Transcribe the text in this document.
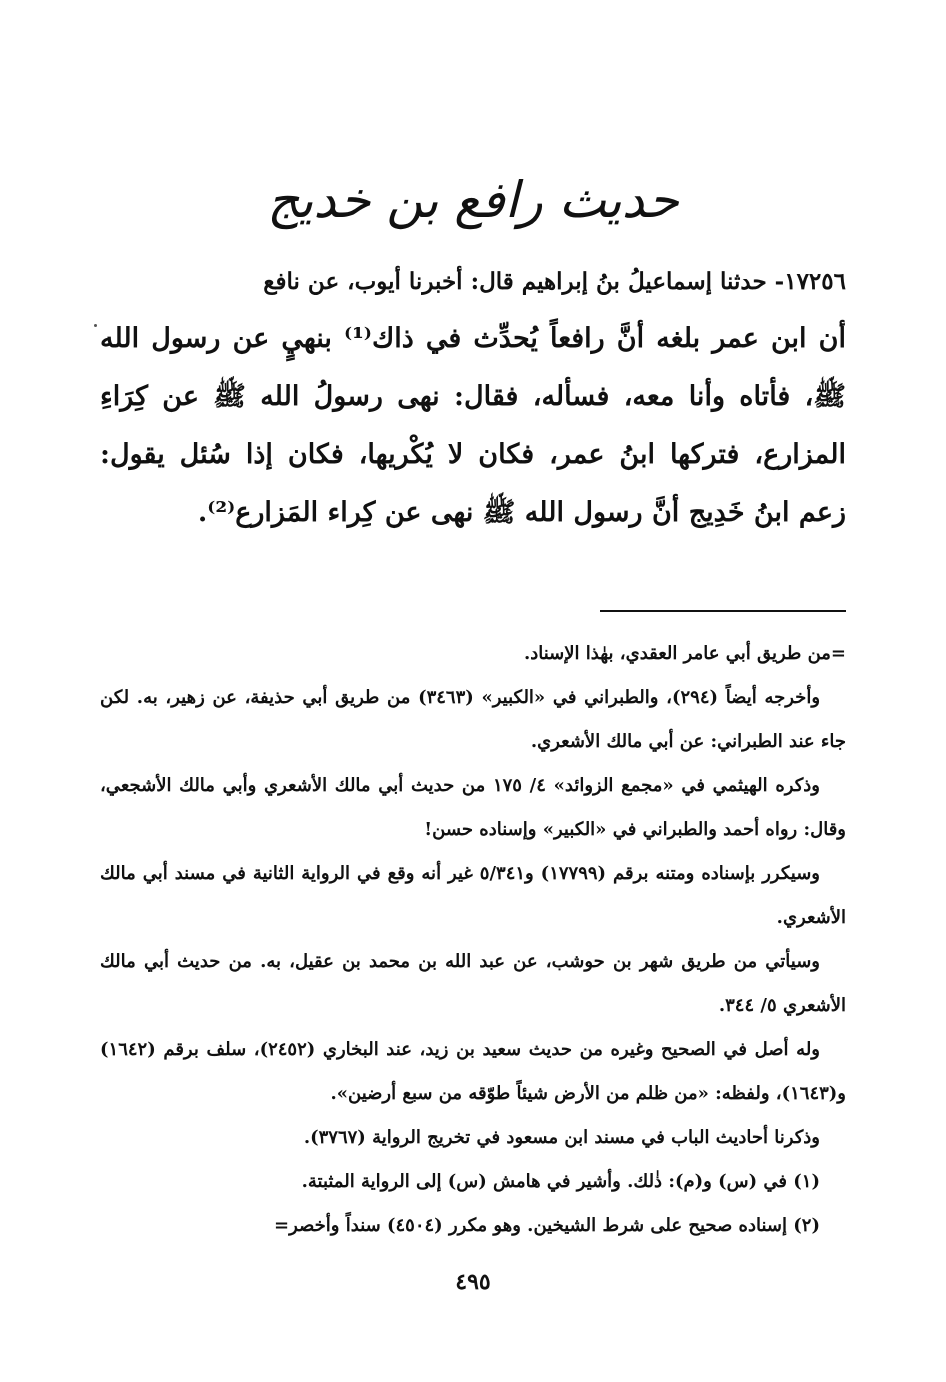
حديث رافع بن خديج

١٧٢٥٦- حدثنا إسماعيلُ بنُ إبراهيم قال: أخبرنا أيوب، عن نافع

أن ابن عمر بلغه أنَّ رافعاً يُحدِّث في ذاك⁽¹⁾ بنهيٍ عن رسول الله ﷺ، فأتاه وأنا معه، فسأله، فقال: نهى رسولُ الله ﷺ عن كِرَاءِ المزارع، فتركها ابنُ عمر، فكان لا يُكْريها، فكان إذا سُئل يقول: زعم ابنُ خَدِيج أنَّ رسول الله ﷺ نهى عن كِراء المَزارع⁽²⁾.

=من طريق أبي عامر العقدي، بهٰذا الإسناد.

وأخرجه أيضاً (٢٩٤)، والطبراني في «الكبير» (٣٤٦٣) من طريق أبي حذيفة، عن زهير، به. لكن جاء عند الطبراني: عن أبي مالك الأشعري.

وذكره الهيثمي في «مجمع الزوائد» ٤/ ١٧٥ من حديث أبي مالك الأشعري وأبي مالك الأشجعي، وقال: رواه أحمد والطبراني في «الكبير» وإسناده حسن!

وسيكرر بإسناده ومتنه برقم (١٧٧٩٩) و٥/٣٤١ غير أنه وقع في الرواية الثانية في مسند أبي مالك الأشعري.

وسيأتي من طريق شهر بن حوشب، عن عبد الله بن محمد بن عقيل، به. من حديث أبي مالك الأشعري ٥/ ٣٤٤.

وله أصل في الصحيح وغيره من حديث سعيد بن زيد، عند البخاري (٢٤٥٢)، سلف برقم (١٦٤٢) و(١٦٤٣)، ولفظه: «من ظلم من الأرض شيئاً طوّقه من سبع أرضين».

وذكرنا أحاديث الباب في مسند ابن مسعود في تخريج الرواية (٣٧٦٧).

(١) في (س) و(م): ذٰلك. وأشير في هامش (س) إلى الرواية المثبتة.

(٢) إسناده صحيح على شرط الشيخين. وهو مكرر (٤٥٠٤) سنداً وأخصر=

٤٩٥
